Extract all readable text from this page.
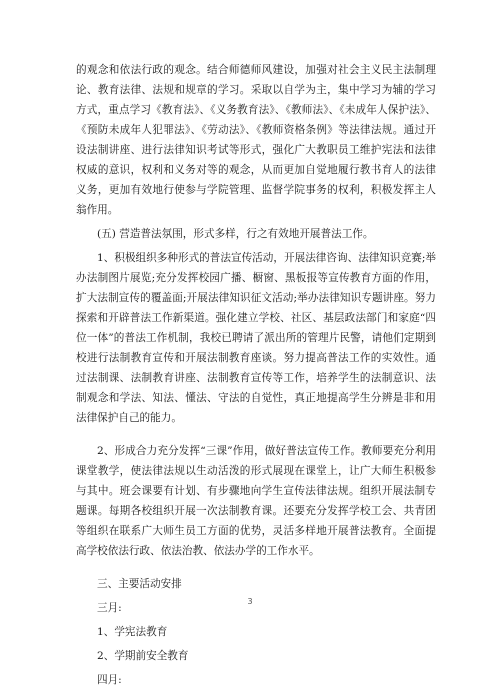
的观念和依法行政的观念。结合师德师风建设，加强对社会主义民主法制理论、教育法律、法规和规章的学习。采取以自学为主，集中学习为辅的学习方式，重点学习《教育法》、《义务教育法》、《教师法》、《未成年人保护法》、《预防未成年人犯罪法》、《劳动法》、《教师资格条例》等法律法规。通过开设法制讲座、进行法律知识考试等形式，强化广大教职员工维护宪法和法律权威的意识，权利和义务对等的观念，从而更加自觉地履行教书育人的法律义务，更加有效地行使参与学院管理、监督学院事务的权利，积极发挥主人翁作用。

(五) 营造普法氛围，形式多样，行之有效地开展普法工作。

1、积极组织多种形式的普法宣传活动，开展法律咨询、法律知识竞赛;举办法制图片展览;充分发挥校园广播、橱窗、黑板报等宣传教育方面的作用，扩大法制宣传的覆盖面;开展法律知识征文活动;举办法律知识专题讲座。努力探索和开辟普法工作新渠道。强化建立学校、社区、基层政法部门和家庭“四位一体”的普法工作机制，我校已聘请了派出所的管理片民警，请他们定期到校进行法制教育宣传和开展法制教育座谈。努力提高普法工作的实效性。通过法制课、法制教育讲座、法制教育宣传等工作，培养学生的法制意识、法制观念和学法、知法、懂法、守法的自觉性，真正地提高学生分辨是非和用法律保护自己的能力。

2、形成合力充分发挥“三课”作用，做好普法宣传工作。教师要充分利用课堂教学，使法律法规以生动活泼的形式展现在课堂上，让广大师生积极参与其中。班会课要有计划、有步骤地向学生宣传法律法规。组织开展法制专题课。每期各校组织开展一次法制教育课。还要充分发挥学校工会、共青团等组织在联系广大师生员工方面的优势，灵活多样地开展普法教育。全面提高学校依法行政、依法治教、依法办学的工作水平。

三、主要活动安排

三月:

1、学宪法教育

2、学期前安全教育

四月:

3
